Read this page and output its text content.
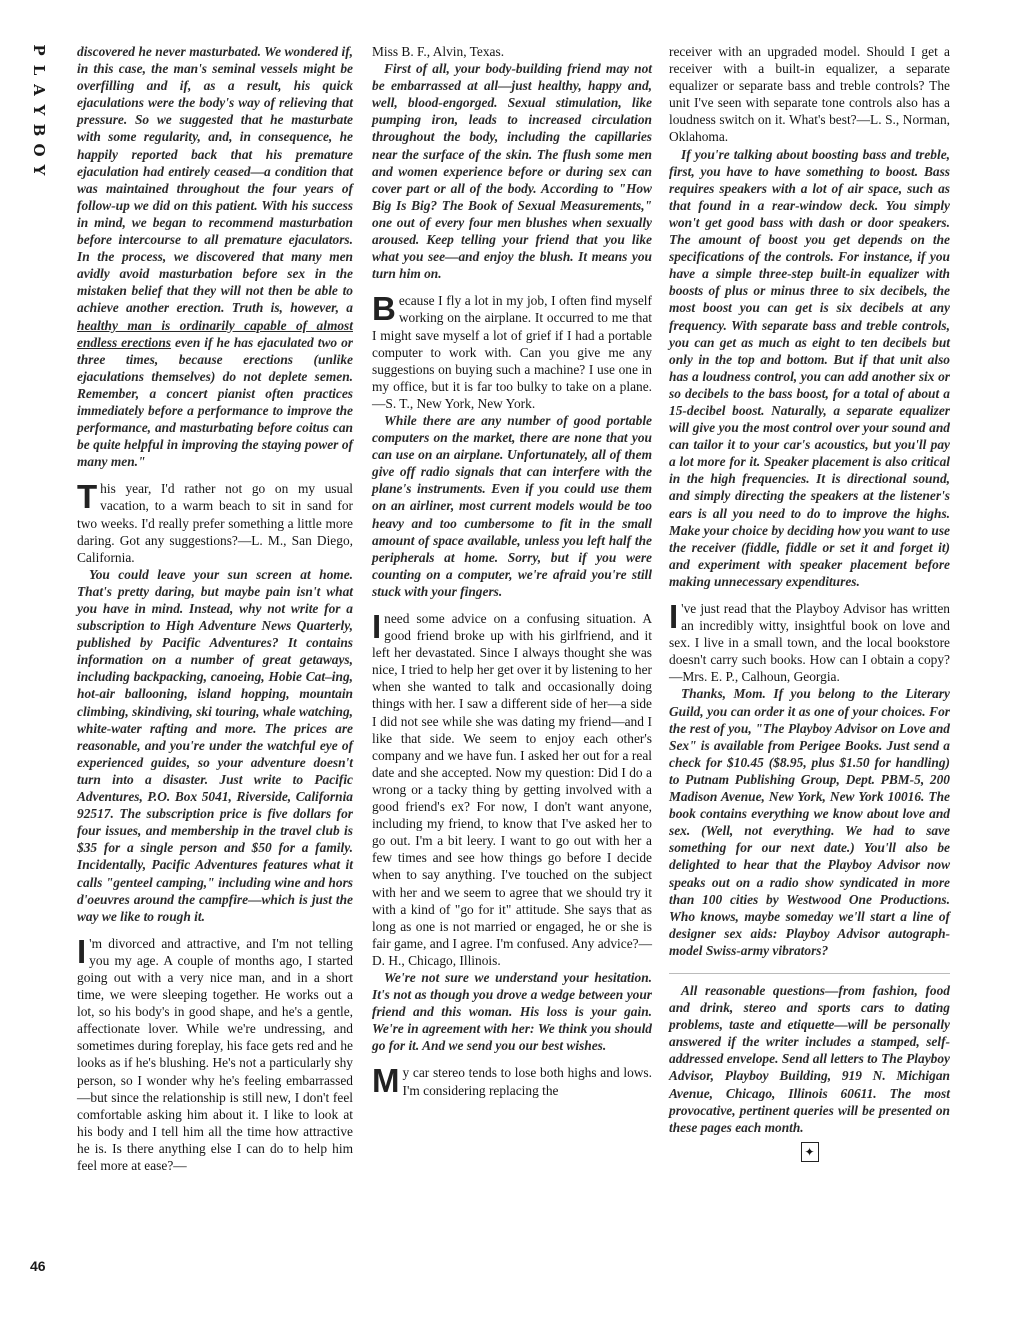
P
L
A
Y
B
O
Y
46

discovered he never masturbated. We wondered if, in this case, the man's seminal vessels might be overfilling and if, as a result, his quick ejaculations were the body's way of relieving that pressure. So we suggested that he masturbate with some regularity, and, in consequence, he happily reported back that his premature ejaculation had entirely ceased—a condition that was maintained throughout the four years of follow-up we did on this patient. With his success in mind, we began to recommend masturbation before intercourse to all premature ejaculators. In the process, we discovered that many men avidly avoid masturbation before sex in the mistaken belief that they will not then be able to achieve another erection. Truth is, however, a healthy man is ordinarily capable of almost endless erections even if he has ejaculated two or three times, because erections (unlike ejaculations themselves) do not deplete semen. Remember, a concert pianist often practices immediately before a performance to improve the performance, and masturbating before coitus can be quite helpful in improving the staying power of many men."

This year, I'd rather not go on my usual vacation, to a warm beach to sit in sand for two weeks. I'd really prefer something a little more daring. Got any suggestions?—L. M., San Diego, California.

You could leave your sun screen at home. That's pretty daring, but maybe pain isn't what you have in mind. Instead, why not write for a subscription to High Adventure News Quarterly, published by Pacific Adventures? It contains information on a number of great getaways, including backpacking, canoeing, Hobie Cat–ing, hot-air ballooning, island hopping, mountain climbing, skindiving, ski touring, whale watching, white-water rafting and more. The prices are reasonable, and you're under the watchful eye of experienced guides, so your adventure doesn't turn into a disaster. Just write to Pacific Adventures, P.O. Box 5041, Riverside, California 92517. The subscription price is five dollars for four issues, and membership in the travel club is $35 for a single person and $50 for a family. Incidentally, Pacific Adventures features what it calls "genteel camping," including wine and hors d'oeuvres around the campfire—which is just the way we like to rough it.

I 'm divorced and attractive, and I'm not telling you my age. A couple of months ago, I started going out with a very nice man, and in a short time, we were sleeping together. He works out a lot, so his body's in good shape, and he's a gentle, affectionate lover. While we're undressing, and sometimes during foreplay, his face gets red and he looks as if he's blushing. He's not a particularly shy person, so I wonder why he's feeling embarrassed—but since the relationship is still new, I don't feel comfortable asking him about it. I like to look at his body and I tell him all the time how attractive he is. Is there anything else I can do to help him feel more at ease?—

Miss B. F., Alvin, Texas.

First of all, your body-building friend may not be embarrassed at all—just healthy, happy and, well, blood-engorged. Sexual stimulation, like pumping iron, leads to increased circulation throughout the body, including the capillaries near the surface of the skin. The flush some men and women experience before or during sex can cover part or all of the body. According to "How Big Is Big? The Book of Sexual Measurements," one out of every four men blushes when sexually aroused. Keep telling your friend that you like what you see—and enjoy the blush. It means you turn him on.

Because I fly a lot in my job, I often find myself working on the airplane. It occurred to me that I might save myself a lot of grief if I had a portable computer to work with. Can you give me any suggestions on buying such a machine? I use one in my office, but it is far too bulky to take on a plane.—S. T., New York, New York.

While there are any number of good portable computers on the market, there are none that you can use on an airplane. Unfortunately, all of them give off radio signals that can interfere with the plane's instruments. Even if you could use them on an airliner, most current models would be too heavy and too cumbersome to fit in the small amount of space available, unless you left half the peripherals at home. Sorry, but if you were counting on a computer, we're afraid you're still stuck with your fingers.

I need some advice on a confusing situation. A good friend broke up with his girlfriend, and it left her devastated. Since I always thought she was nice, I tried to help her get over it by listening to her when she wanted to talk and occasionally doing things with her. I saw a different side of her—a side I did not see while she was dating my friend—and I like that side. We seem to enjoy each other's company and we have fun. I asked her out for a real date and she accepted. Now my question: Did I do a wrong or a tacky thing by getting involved with a good friend's ex? For now, I don't want anyone, including my friend, to know that I've asked her to go out. I'm a bit leery. I want to go out with her a few times and see how things go before I decide when to say anything. I've touched on the subject with her and we seem to agree that we should try it with a kind of "go for it" attitude. She says that as long as one is not married or engaged, he or she is fair game, and I agree. I'm confused. Any advice?—D. H., Chicago, Illinois.

We're not sure we understand your hesitation. It's not as though you drove a wedge between your friend and this woman. His loss is your gain. We're in agreement with her: We think you should go for it. And we send you our best wishes.

My car stereo tends to lose both highs and lows. I'm considering replacing the

receiver with an upgraded model. Should I get a receiver with a built-in equalizer, a separate equalizer or separate bass and treble controls? The unit I've seen with separate tone controls also has a loudness switch on it. What's best?—L. S., Norman, Oklahoma.

If you're talking about boosting bass and treble, first, you have to have something to boost. Bass requires speakers with a lot of air space, such as that found in a rear-window deck. You simply won't get good bass with dash or door speakers. The amount of boost you get depends on the specifications of the controls. For instance, if you have a simple three-step built-in equalizer with boosts of plus or minus three to six decibels, the most boost you can get is six decibels at any frequency. With separate bass and treble controls, you can get as much as eight to ten decibels but only in the top and bottom. But if that unit also has a loudness control, you can add another six or so decibels to the bass boost, for a total of about a 15-decibel boost. Naturally, a separate equalizer will give you the most control over your sound and can tailor it to your car's acoustics, but you'll pay a lot more for it. Speaker placement is also critical in the high frequencies. It is directional sound, and simply directing the speakers at the listener's ears is all you need to do to improve the highs. Make your choice by deciding how you want to use the receiver (fiddle, fiddle or set it and forget it) and experiment with speaker placement before making unnecessary expenditures.

I 've just read that the Playboy Advisor has written an incredibly witty, insightful book on love and sex. I live in a small town, and the local bookstore doesn't carry such books. How can I obtain a copy?—Mrs. E. P., Calhoun, Georgia.

Thanks, Mom. If you belong to the Literary Guild, you can order it as one of your choices. For the rest of you, "The Playboy Advisor on Love and Sex" is available from Perigee Books. Just send a check for $10.45 ($8.95, plus $1.50 for handling) to Putnam Publishing Group, Dept. PBM-5, 200 Madison Avenue, New York, New York 10016. The book contains everything we know about love and sex. (Well, not everything. We had to save something for our next date.) You'll also be delighted to hear that the Playboy Advisor now speaks out on a radio show syndicated in more than 100 cities by Westwood One Productions. Who knows, maybe someday we'll start a line of designer sex aids: Playboy Advisor autograph-model Swiss-army vibrators?

All reasonable questions—from fashion, food and drink, stereo and sports cars to dating problems, taste and etiquette—will be personally answered if the writer includes a stamped, self-addressed envelope. Send all letters to The Playboy Advisor, Playboy Building, 919 N. Michigan Avenue, Chicago, Illinois 60611. The most provocative, pertinent queries will be presented on these pages each month.

✦
